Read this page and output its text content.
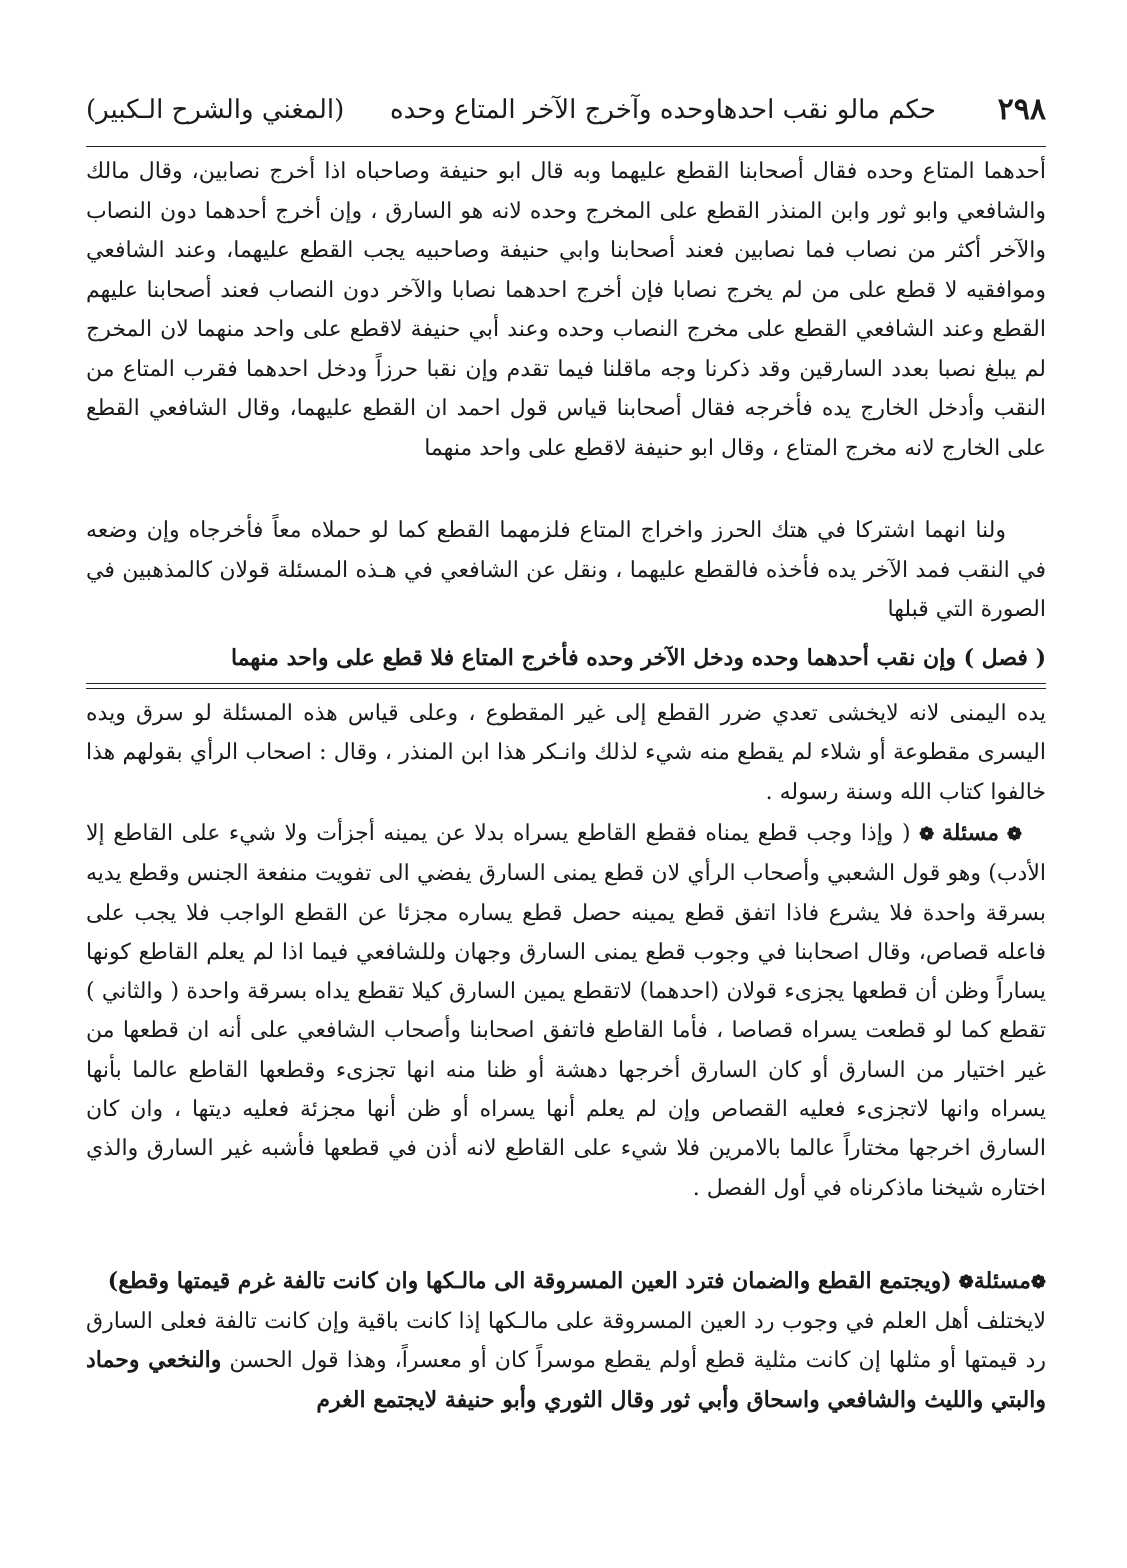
٢٩٨
حكم مالو نقب احدهاوحده وآخرج الآخر المتاع وحده
(المغني والشرح الـكبير)

أحدهما المتاع وحده فقال أصحابنا القطع عليهما وبه قال ابو حنيفة وصاحباه اذا أخرج نصابين، وقال مالك والشافعي وابو ثور وابن المنذر القطع على المخرج وحده لانه هو السارق ، وإن أخرج أحدهما دون النصاب والآخر أكثر من نصاب فما نصابين فعند أصحابنا وابي حنيفة وصاحبيه يجب القطع عليهما، وعند الشافعي وموافقيه لا قطع على من لم يخرج نصابا فإن أخرج احدهما نصابا والآخر دون النصاب فعند أصحابنا عليهم القطع وعند الشافعي القطع على مخرج النصاب وحده وعند أبي حنيفة لاقطع على واحد منهما لان المخرج لم يبلغ نصبا بعدد السارقين وقد ذكرنا وجه ماقلنا فيما تقدم وإن نقبا حرزاً ودخل احدهما فقرب المتاع من النقب وأدخل الخارج يده فأخرجه فقال أصحابنا قياس قول احمد ان القطع عليهما، وقال الشافعي القطع على الخارج لانه مخرج المتاع ، وقال ابو حنيفة لاقطع على واحد منهما

ولنا انهما اشتركا في هتك الحرز واخراج المتاع فلزمهما القطع كما لو حملاه معاً فأخرجاه وإن وضعه في النقب فمد الآخر يده فأخذه فالقطع عليهما ، ونقل عن الشافعي في هـذه المسئلة قولان كالمذهبين في الصورة التي قبلها

( فصل ) وإن نقب أحدهما وحده ودخل الآخر وحده فأخرج المتاع فلا قطع على واحد منهما

يده اليمنى لانه لايخشى تعدي ضرر القطع إلى غير المقطوع ، وعلى قياس هذه المسئلة لو سرق ويده اليسرى مقطوعة أو شلاء لم يقطع منه شيء لذلك وانـكر هذا ابن المنذر ، وقال : اصحاب الرأي بقولهم هذا خالفوا كتاب الله وسنة رسوله .

❁ مسئلة ❁ ( وإذا وجب قطع يمناه فقطع القاطع يسراه بدلا عن يمينه أجزأت ولا شيء على القاطع إلا الأدب) وهو قول الشعبي وأصحاب الرأي لان قطع يمنى السارق يفضي الى تفويت منفعة الجنس وقطع يديه بسرقة واحدة فلا يشرع فاذا اتفق قطع يمينه حصل قطع يساره مجزئا عن القطع الواجب فلا يجب على فاعله قصاص، وقال اصحابنا في وجوب قطع يمنى السارق وجهان وللشافعي فيما اذا لم يعلم القاطع كونها يساراً وظن أن قطعها يجزىء قولان (احدهما) لاتقطع يمين السارق كيلا تقطع يداه بسرقة واحدة ( والثاني ) تقطع كما لو قطعت يسراه قصاصا ، فأما القاطع فاتفق اصحابنا وأصحاب الشافعي على أنه ان قطعها من غير اختيار من السارق أو كان السارق أخرجها دهشة أو ظنا منه انها تجزىء وقطعها القاطع عالما بأنها يسراه وانها لاتجزىء فعليه القصاص وإن لم يعلم أنها يسراه أو ظن أنها مجزئة فعليه ديتها ، وان كان السارق اخرجها مختاراً عالما بالامرين فلا شيء على القاطع لانه أذن في قطعها فأشبه غير السارق والذي اختاره شيخنا ماذكرناه في أول الفصل .

❁مسئلة❁ (ويجتمع القطع والضمان فترد العين المسروقة الى مالـكها وان كانت تالفة غرم قيمتها وقطع)

لايختلف أهل العلم في وجوب رد العين المسروقة على مالـكها إذا كانت باقية وإن كانت تالفة فعلى السارق رد قيمتها أو مثلها إن كانت مثلية قطع أولم يقطع موسراً كان أو معسراً، وهذا قول الحسن والنخعي وحماد والبتي والليث والشافعي واسحاق وأبي ثور وقال الثوري وأبو حنيفة لايجتمع الغرم
